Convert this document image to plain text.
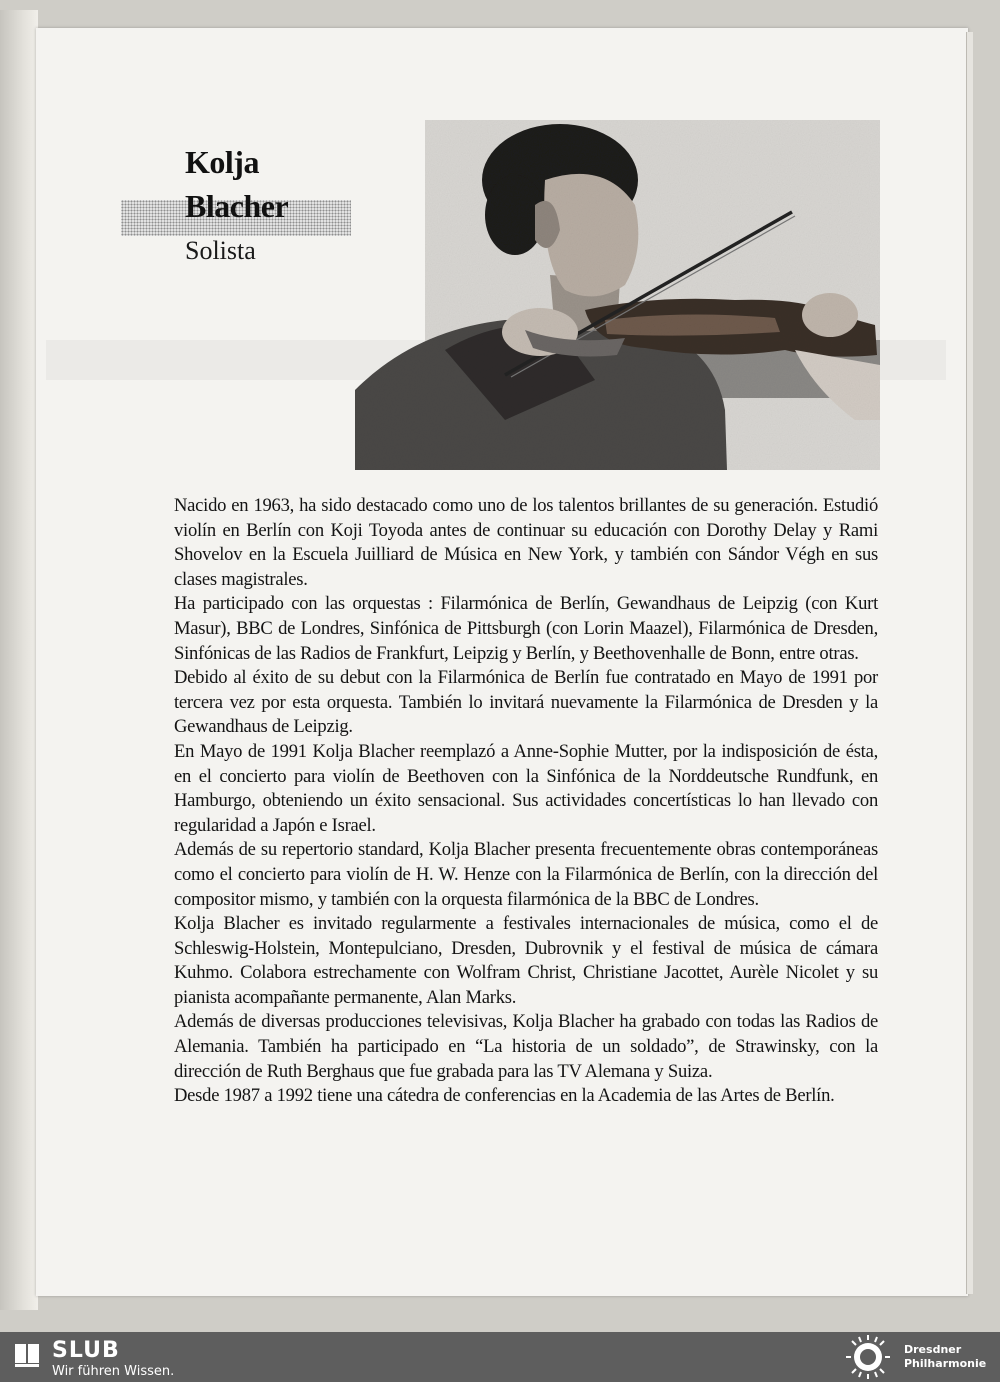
Kolja
Blacher
Solista

Nacido en 1963, ha sido destacado como uno de los talentos brillantes de su generación. Estudió violín en Berlín con Koji Toyoda antes de continuar su educación con Dorothy Delay y Rami Shovelov en la Escuela Juilliard de Música en New York, y también con Sándor Végh en sus clases magistrales.

Ha participado con las orquestas : Filarmónica de Berlín, Gewandhaus de Leipzig (con Kurt Masur), BBC de Londres, Sinfónica de Pittsburgh (con Lorin Maazel), Filarmónica de Dresden, Sinfónicas de las Radios de Frankfurt, Leipzig y Berlín, y Beethovenhalle de Bonn, entre otras.

Debido al éxito de su debut con la Filarmónica de Berlín fue contratado en Mayo de 1991 por tercera vez por esta orquesta. También lo invitará nuevamente la Filarmónica de Dresden y la Gewandhaus de Leipzig.

En Mayo de 1991 Kolja Blacher reemplazó a Anne-Sophie Mutter, por la indisposición de ésta, en el concierto para violín de Beethoven con la Sinfónica de la Norddeutsche Rundfunk, en Hamburgo, obteniendo un éxito sensacional. Sus actividades concertísticas lo han llevado con regularidad a Japón e Israel.

Además de su repertorio standard, Kolja Blacher presenta frecuentemente obras contemporáneas como el concierto para violín de H. W. Henze con la Filarmónica de Berlín, con la dirección del compositor mismo, y también con la orquesta filarmónica de la BBC de Londres.

Kolja Blacher es invitado regularmente a festivales internacionales de música, como el de Schleswig-Holstein, Montepulciano, Dresden, Dubrovnik y el festival de música de cámara Kuhmo. Colabora estrechamente con Wolfram Christ, Christiane Jacottet, Aurèle Nicolet y su pianista acompañante permanente, Alan Marks.

Además de diversas producciones televisivas, Kolja Blacher ha grabado con todas las Radios de Alemania. También ha participado en “La historia de un soldado”, de Strawinsky, con la dirección de Ruth Berghaus que fue grabada para las TV Alemana y Suiza.

Desde 1987 a 1992 tiene una cátedra de conferencias en la Academia de las Artes de Berlín.

SLUB
Wir führen Wissen.
Dresdner
Philharmonie
